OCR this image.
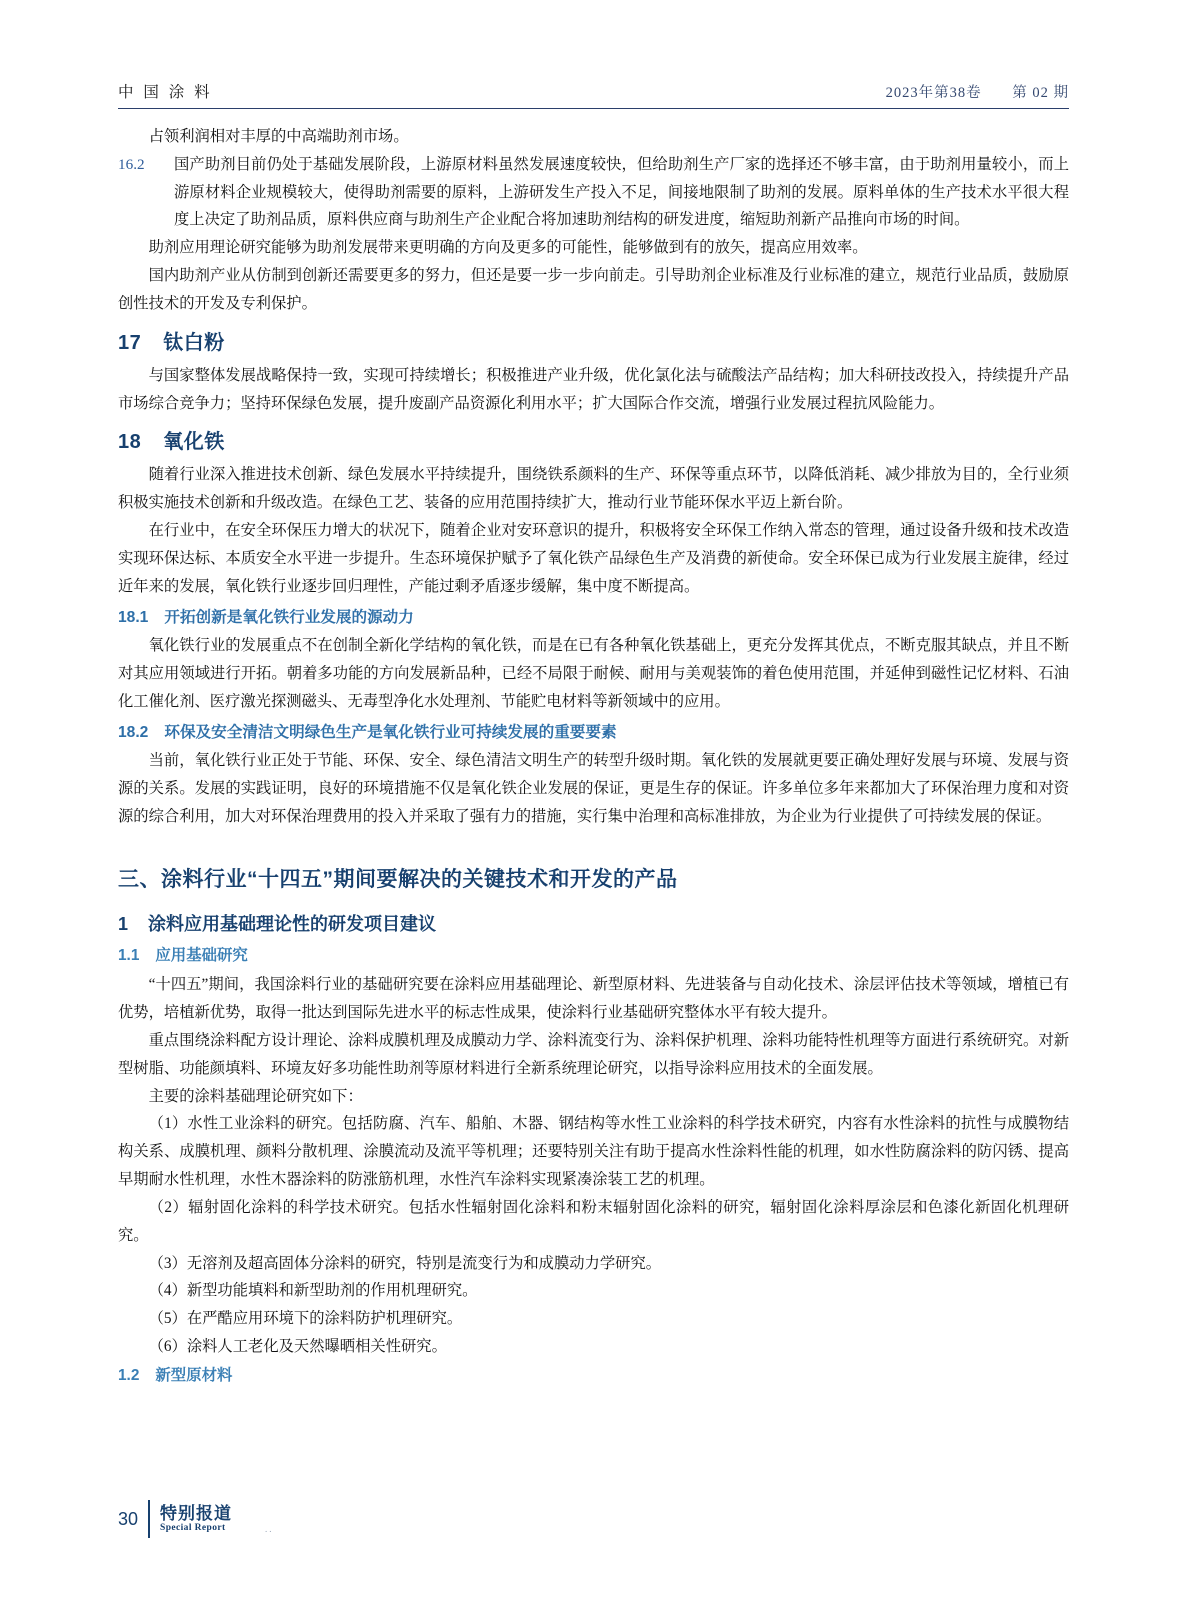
中 国 涂 料	2023年第38卷 第 02 期

占领利润相对丰厚的中高端助剂市场。

16.2	国产助剂目前仍处于基础发展阶段，上游原材料虽然发展速度较快，但给助剂生产厂家的选择还不够丰富，由于助剂用量较小，而上游原材料企业规模较大，使得助剂需要的原料，上游研发生产投入不足，间接地限制了助剂的发展。原料单体的生产技术水平很大程度上决定了助剂品质，原料供应商与助剂生产企业配合将加速助剂结构的研发进度，缩短助剂新产品推向市场的时间。

助剂应用理论研究能够为助剂发展带来更明确的方向及更多的可能性，能够做到有的放矢，提高应用效率。

国内助剂产业从仿制到创新还需要更多的努力，但还是要一步一步向前走。引导助剂企业标准及行业标准的建立，规范行业品质，鼓励原创性技术的开发及专利保护。

17 钛白粉

与国家整体发展战略保持一致，实现可持续增长；积极推进产业升级，优化氯化法与硫酸法产品结构；加大科研技改投入，持续提升产品市场综合竞争力；坚持环保绿色发展，提升废副产品资源化利用水平；扩大国际合作交流，增强行业发展过程抗风险能力。

18 氧化铁

随着行业深入推进技术创新、绿色发展水平持续提升，围绕铁系颜料的生产、环保等重点环节，以降低消耗、减少排放为目的，全行业须积极实施技术创新和升级改造。在绿色工艺、装备的应用范围持续扩大，推动行业节能环保水平迈上新台阶。

在行业中，在安全环保压力增大的状况下，随着企业对安环意识的提升，积极将安全环保工作纳入常态的管理，通过设备升级和技术改造实现环保达标、本质安全水平进一步提升。生态环境保护赋予了氧化铁产品绿色生产及消费的新使命。安全环保已成为行业发展主旋律，经过近年来的发展，氧化铁行业逐步回归理性，产能过剩矛盾逐步缓解，集中度不断提高。

18.1 开拓创新是氧化铁行业发展的源动力

氧化铁行业的发展重点不在创制全新化学结构的氧化铁，而是在已有各种氧化铁基础上，更充分发挥其优点，不断克服其缺点，并且不断对其应用领域进行开拓。朝着多功能的方向发展新品种，已经不局限于耐候、耐用与美观装饰的着色使用范围，并延伸到磁性记忆材料、石油化工催化剂、医疗激光探测磁头、无毒型净化水处理剂、节能贮电材料等新领域中的应用。

18.2 环保及安全清洁文明绿色生产是氧化铁行业可持续发展的重要要素

当前，氧化铁行业正处于节能、环保、安全、绿色清洁文明生产的转型升级时期。氧化铁的发展就更要正确处理好发展与环境、发展与资源的关系。发展的实践证明，良好的环境措施不仅是氧化铁企业发展的保证，更是生存的保证。许多单位多年来都加大了环保治理力度和对资源的综合利用，加大对环保治理费用的投入并采取了强有力的措施，实行集中治理和高标准排放，为企业为行业提供了可持续发展的保证。

三、涂料行业“十四五”期间要解决的关键技术和开发的产品
1 涂料应用基础理论性的研发项目建议
1.1 应用基础研究

“十四五”期间，我国涂料行业的基础研究要在涂料应用基础理论、新型原材料、先进装备与自动化技术、涂层评估技术等领域，增植已有优势，培植新优势，取得一批达到国际先进水平的标志性成果，使涂料行业基础研究整体水平有较大提升。

重点围绕涂料配方设计理论、涂料成膜机理及成膜动力学、涂料流变行为、涂料保护机理、涂料功能特性机理等方面进行系统研究。对新型树脂、功能颜填料、环境友好多功能性助剂等原材料进行全新系统理论研究，以指导涂料应用技术的全面发展。

主要的涂料基础理论研究如下：

（1）水性工业涂料的研究。包括防腐、汽车、船舶、木器、钢结构等水性工业涂料的科学技术研究，内容有水性涂料的抗性与成膜物结构关系、成膜机理、颜料分散机理、涂膜流动及流平等机理；还要特别关注有助于提高水性涂料性能的机理，如水性防腐涂料的防闪锈、提高早期耐水性机理，水性木器涂料的防涨筋机理，水性汽车涂料实现紧凑涂装工艺的机理。

（2）辐射固化涂料的科学技术研究。包括水性辐射固化涂料和粉末辐射固化涂料的研究，辐射固化涂料厚涂层和色漆化新固化机理研究。

（3）无溶剂及超高固体分涂料的研究，特别是流变行为和成膜动力学研究。

（4）新型功能填料和新型助剂的作用机理研究。

（5）在严酷应用环境下的涂料防护机理研究。

（6）涂料人工老化及天然曝晒相关性研究。

1.2 新型原材料
30	特别报道
Special Report	..
